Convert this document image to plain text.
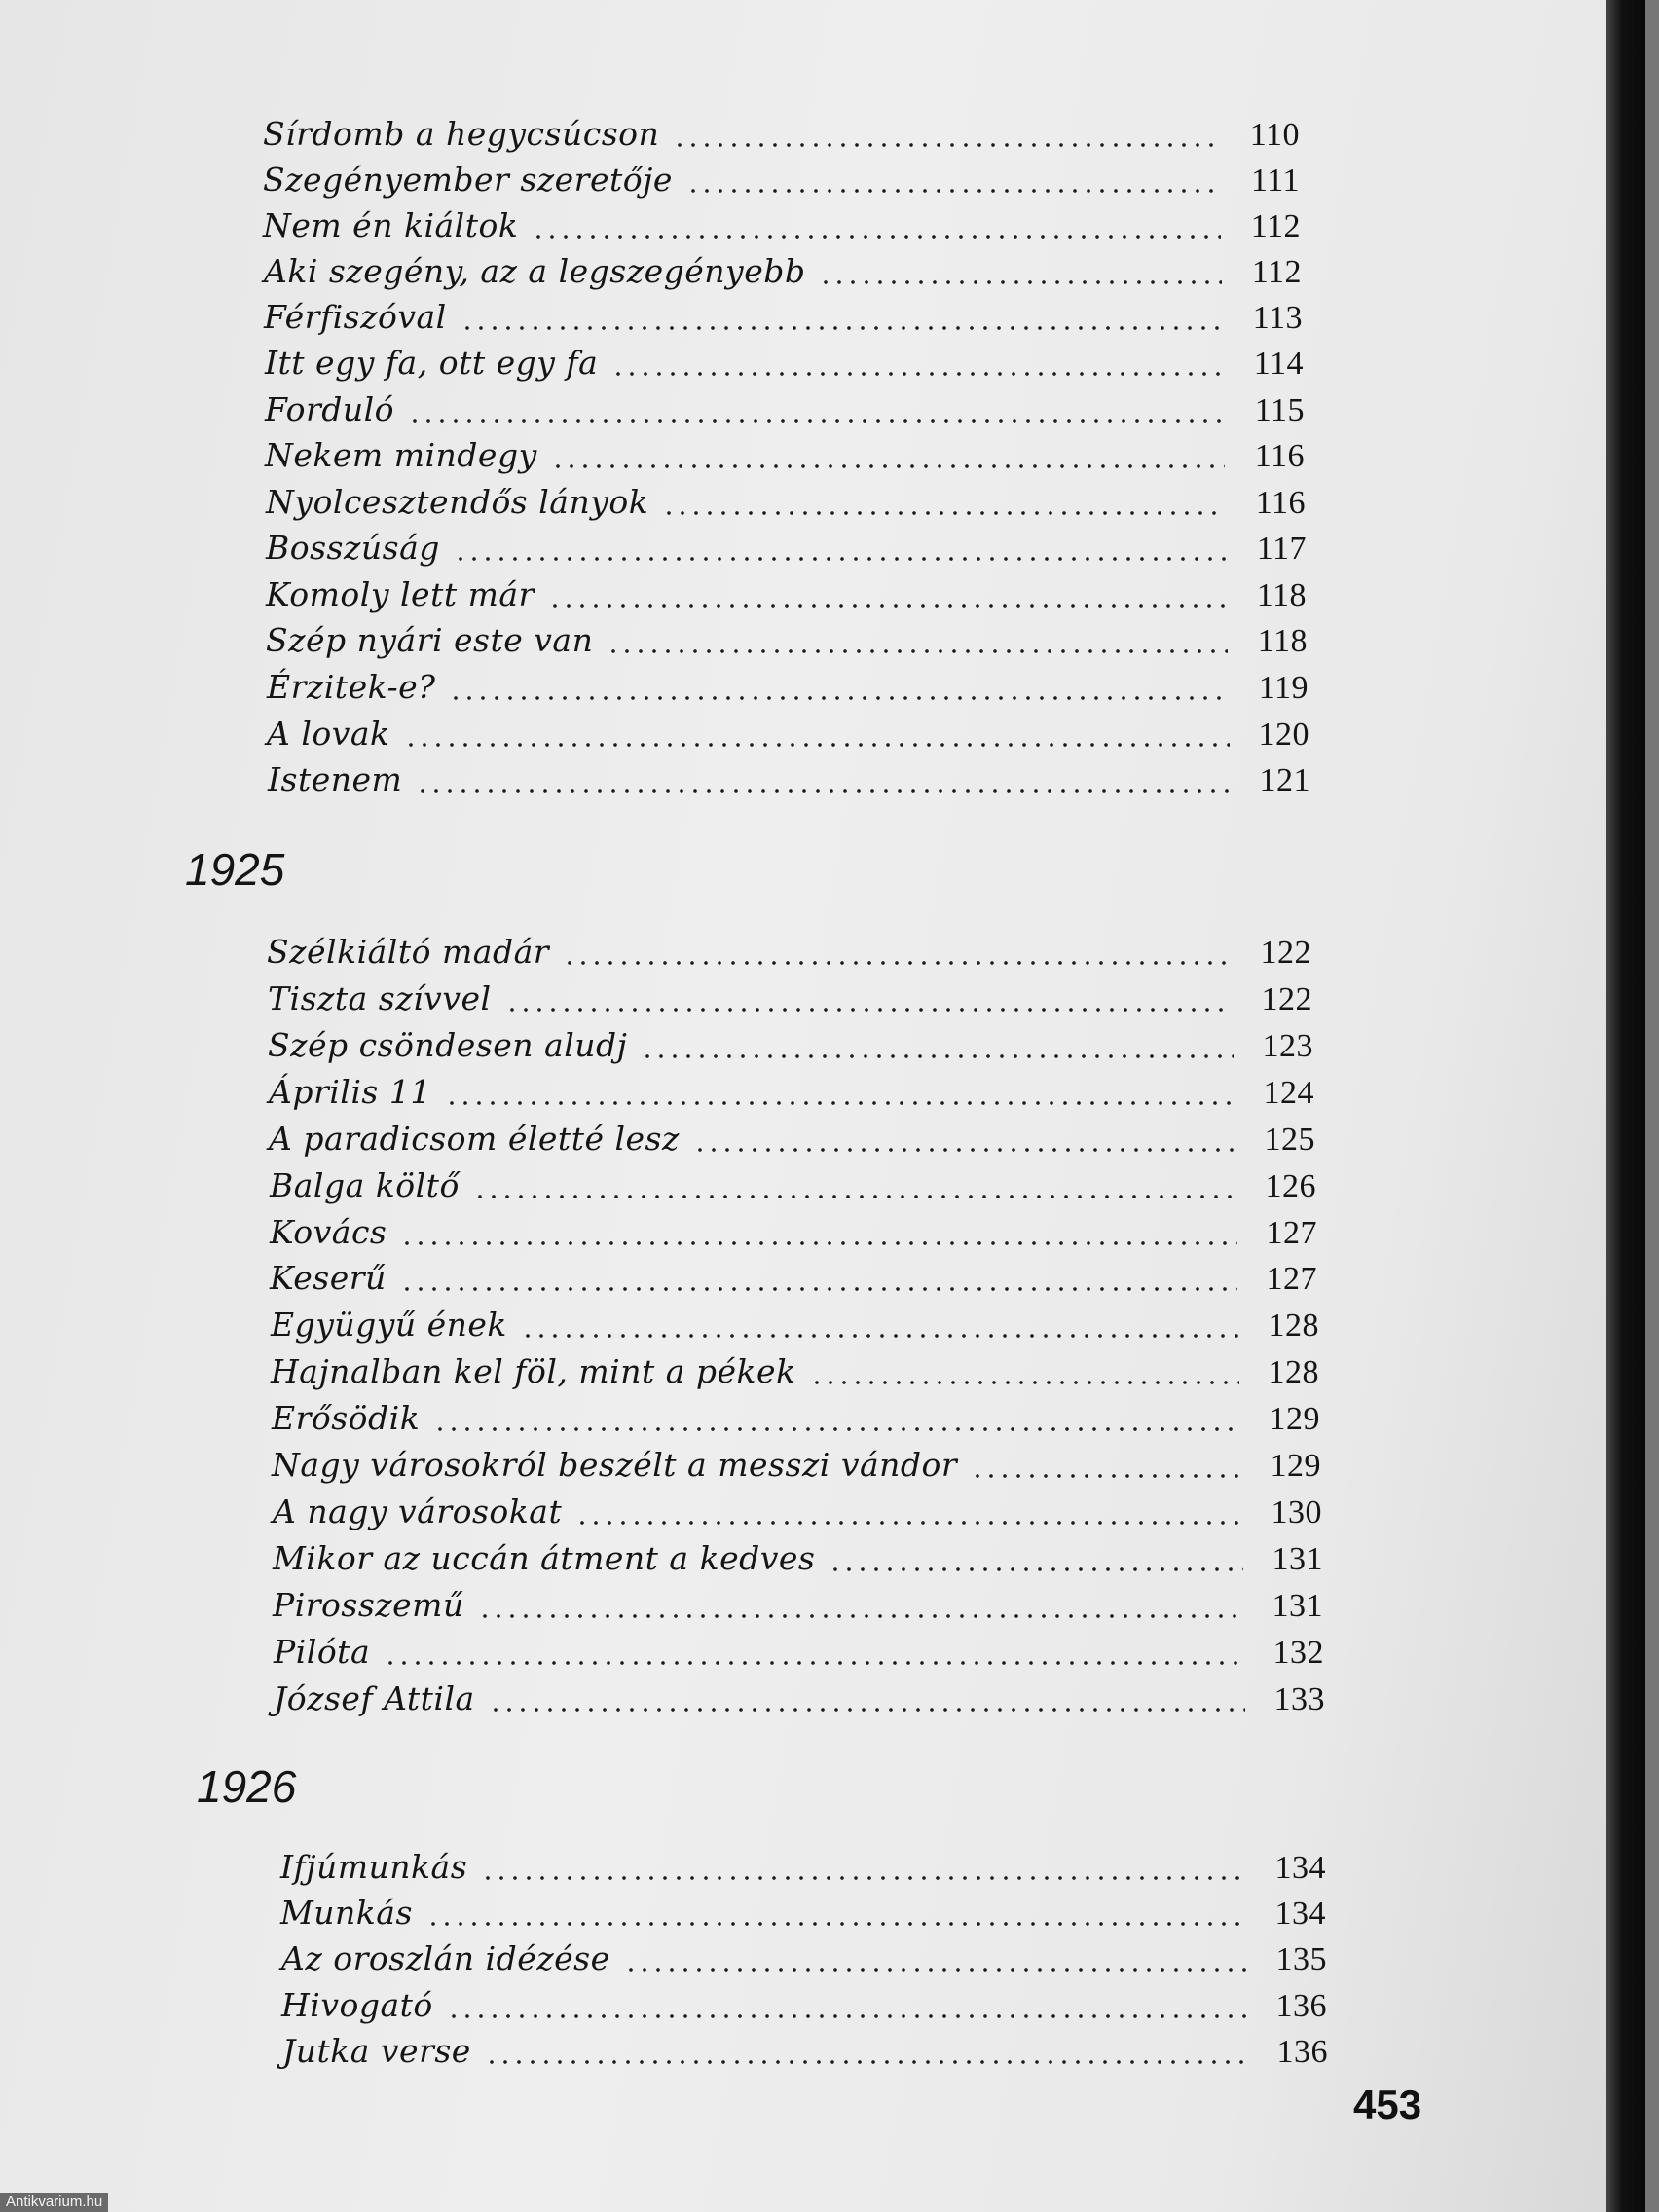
Sírdomb a hegycsúcson	110
Szegényember szeretője	111
Nem én kiáltok	112
Aki szegény, az a legszegényebb	112
Férfiszóval	113
Itt egy fa, ott egy fa	114
Forduló	115
Nekem mindegy	116
Nyolcesztendős lányok	116
Bosszúság	117
Komoly lett már	118
Szép nyári este van	118
Érzitek-e?	119
A lovak	120
Istenem	121
1925
Szélkiáltó madár	122
Tiszta szívvel	122
Szép csöndesen aludj	123
Április 11	124
A paradicsom életté lesz	125
Balga költő	126
Kovács	127
Keserű	127
Együgyű ének	128
Hajnalban kel föl, mint a pékek	128
Erősödik	129
Nagy városokról beszélt a messzi vándor	129
A nagy városokat	130
Mikor az uccán átment a kedves	131
Pirosszemű	131
Pilóta	132
József Attila	133
1926
Ifjúmunkás	134
Munkás	134
Az oroszlán idézése	135
Hivogató	136
Jutka verse	136
453
Antikvarium.hu
